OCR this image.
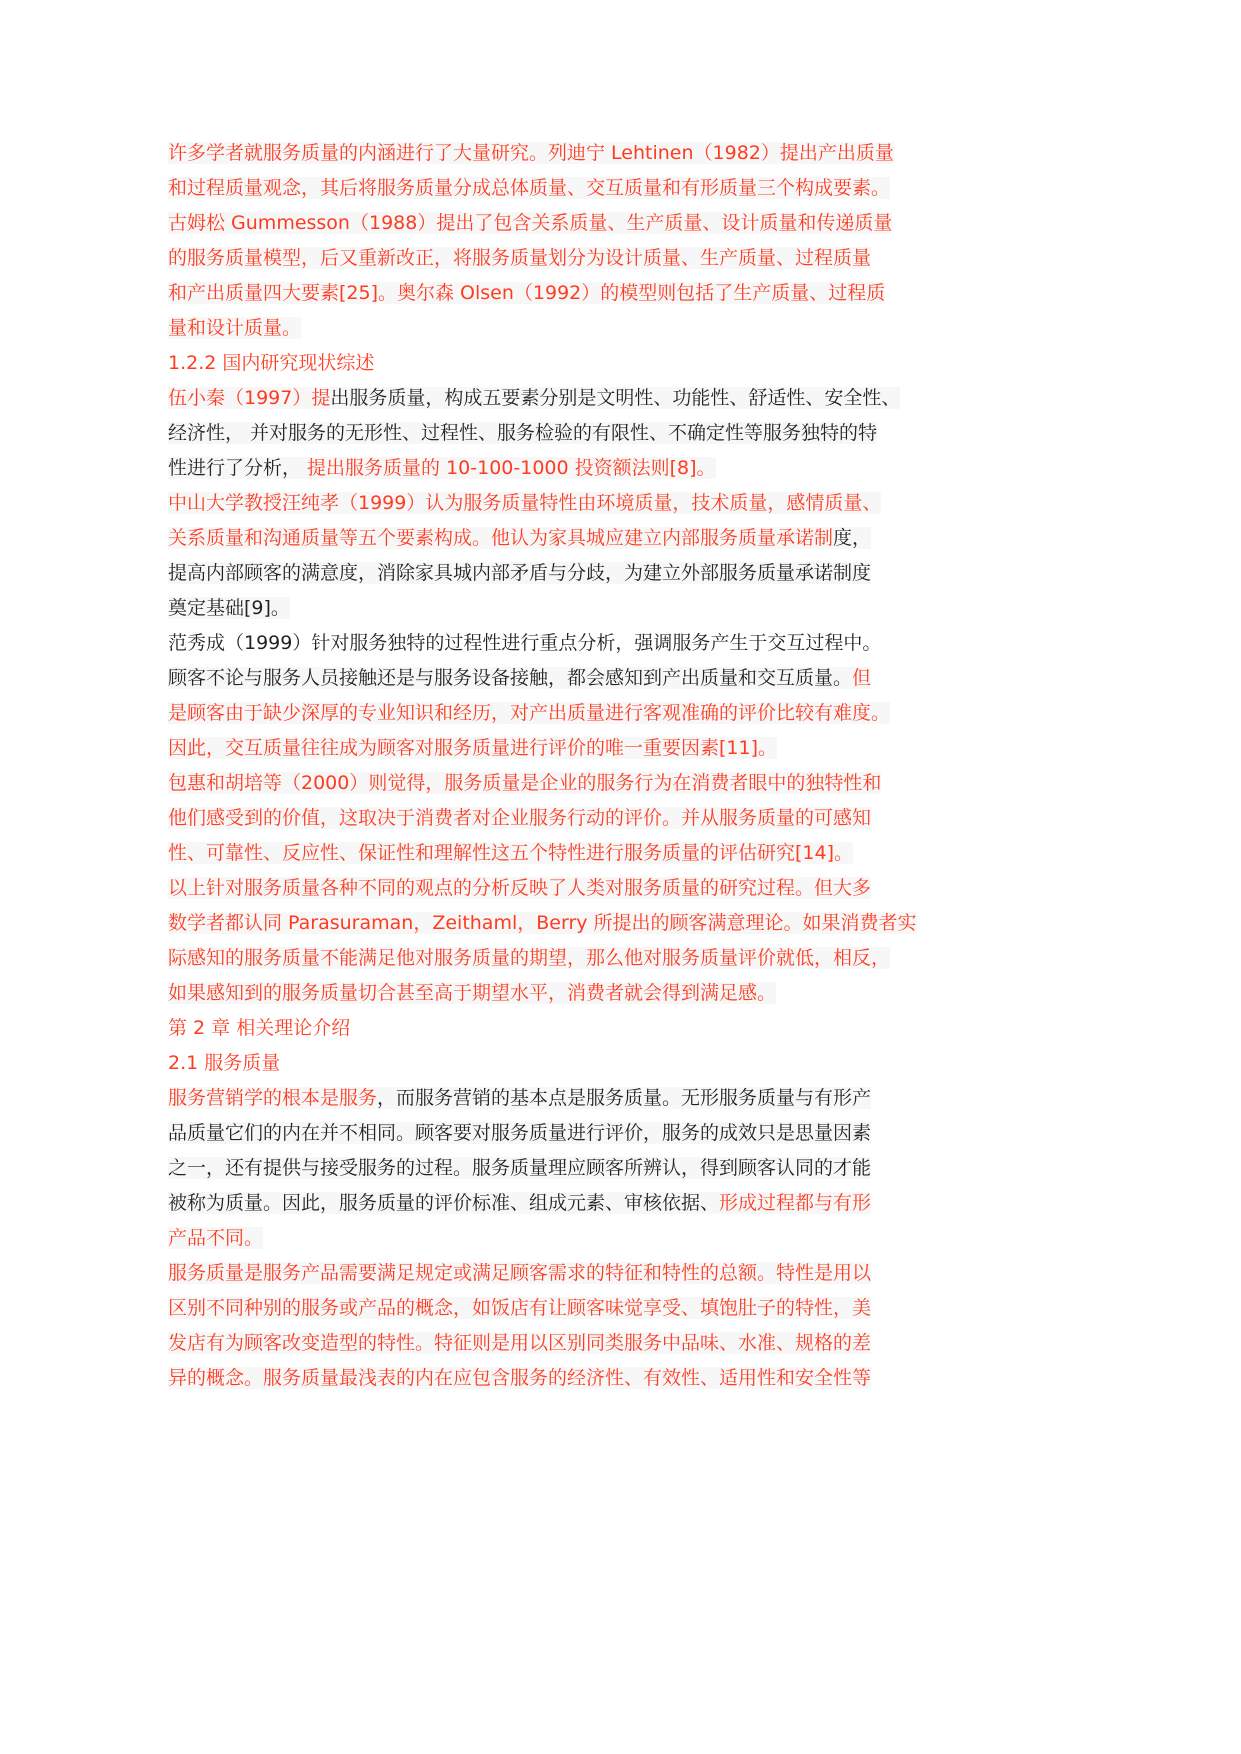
许多学者就服务质量的内涵进行了大量研究。列迪宁 Lehtinen（1982）提出产出质量
和过程质量观念，其后将服务质量分成总体质量、交互质量和有形质量三个构成要素。
古姆松 Gummesson（1988）提出了包含关系质量、生产质量、设计质量和传递质量
的服务质量模型，后又重新改正，将服务质量划分为设计质量、生产质量、过程质量
和产出质量四大要素[25]。奥尔森 Olsen（1992）的模型则包括了生产质量、过程质
量和设计质量。
1.2.2 国内研究现状综述
伍小秦（1997）提出服务质量，构成五要素分别是文明性、功能性、舒适性、安全性、
经济性， 并对服务的无形性、过程性、服务检验的有限性、不确定性等服务独特的特
性进行了分析， 提出服务质量的 10-100-1000 投资额法则[8]。
中山大学教授汪纯孝（1999）认为服务质量特性由环境质量，技术质量，感情质量、
关系质量和沟通质量等五个要素构成。他认为家具城应建立内部服务质量承诺制度，
提高内部顾客的满意度，消除家具城内部矛盾与分歧，为建立外部服务质量承诺制度
奠定基础[9]。
范秀成（1999）针对服务独特的过程性进行重点分析，强调服务产生于交互过程中。
顾客不论与服务人员接触还是与服务设备接触，都会感知到产出质量和交互质量。但
是顾客由于缺少深厚的专业知识和经历，对产出质量进行客观准确的评价比较有难度。
因此，交互质量往往成为顾客对服务质量进行评价的唯一重要因素[11]。
包惠和胡培等（2000）则觉得，服务质量是企业的服务行为在消费者眼中的独特性和
他们感受到的价值，这取决于消费者对企业服务行动的评价。并从服务质量的可感知
性、可靠性、反应性、保证性和理解性这五个特性进行服务质量的评估研究[14]。
以上针对服务质量各种不同的观点的分析反映了人类对服务质量的研究过程。但大多
数学者都认同 Parasuraman，Zeithaml，Berry 所提出的顾客满意理论。如果消费者实
际感知的服务质量不能满足他对服务质量的期望，那么他对服务质量评价就低，相反，
如果感知到的服务质量切合甚至高于期望水平，消费者就会得到满足感。
第 2 章 相关理论介绍
2.1 服务质量
服务营销学的根本是服务，而服务营销的基本点是服务质量。无形服务质量与有形产
品质量它们的内在并不相同。顾客要对服务质量进行评价，服务的成效只是思量因素
之一，还有提供与接受服务的过程。服务质量理应顾客所辨认，得到顾客认同的才能
被称为质量。因此，服务质量的评价标准、组成元素、审核依据、形成过程都与有形
产品不同。
服务质量是服务产品需要满足规定或满足顾客需求的特征和特性的总额。特性是用以
区别不同种别的服务或产品的概念，如饭店有让顾客味觉享受、填饱肚子的特性，美
发店有为顾客改变造型的特性。特征则是用以区别同类服务中品味、水准、规格的差
异的概念。服务质量最浅表的内在应包含服务的经济性、有效性、适用性和安全性等
